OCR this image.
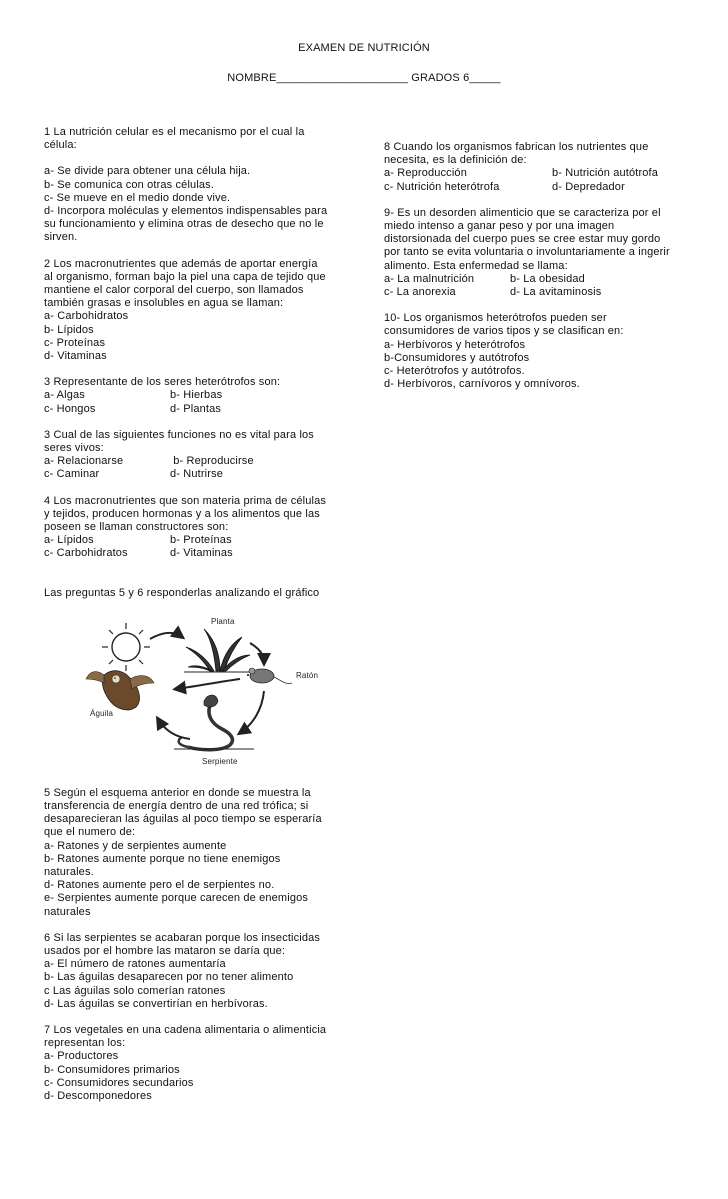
EXAMEN DE NUTRICIÓN
NOMBRE_____________________ GRADOS 6_____

1 La nutrición celular es el mecanismo por el cual la

célula:

a- Se divide para obtener una célula hija.

b- Se comunica con otras células.

c- Se mueve en el medio donde vive.

d- Incorpora moléculas y elementos indispensables para

su funcionamiento y elimina otras de desecho que no le

sirven.

2 Los macronutrientes que además de aportar energía

al organismo, forman bajo la piel una capa de tejido que

mantiene el calor corporal del cuerpo, son llamados

también grasas e insolubles en agua se llaman:

a- Carbohidratos

b- Lípidos

c- Proteínas

d- Vitaminas

3 Representante de los seres heterótrofos son:

a- Algas	b- Hierbas
c- Hongos	d- Plantas

3 Cual de las siguientes funciones no es vital para los

seres vivos:

a- Relacionarse	b- Reproducirse
c- Caminar	d- Nutrirse

4 Los macronutrientes que son materia prima de células

y tejidos, producen hormonas y a los alimentos que las

poseen se llaman constructores son:

a- Lípidos	b- Proteínas
c- Carbohidratos	d- Vitaminas

Las preguntas 5 y 6 responderlas analizando el gráfico

Planta
Ratón
Águila
Serpiente

5 Según el esquema anterior en donde se muestra la

transferencia de energía dentro de una red trófica; si

desaparecieran las águilas al poco tiempo se esperaría

que el numero de:

a- Ratones y de serpientes aumente

b- Ratones aumente porque no tiene enemigos

naturales.

d- Ratones aumente pero el de serpientes no.

e- Serpientes aumente porque carecen de enemigos

naturales

6 Si las serpientes se acabaran porque los insecticidas

usados por el hombre las mataron se daría que:

a- El número de ratones aumentaría

b- Las águilas desaparecen por no tener alimento

c Las águilas solo comerían ratones

d- Las águilas se convertirían en herbívoras.

7 Los vegetales en una cadena alimentaria o alimenticia

representan los:

a- Productores

b- Consumidores primarios

c- Consumidores secundarios

d- Descomponedores

8 Cuando los organismos fabrican los nutrientes que

necesita, es la definición de:

a- Reproducción	b- Nutrición autótrofa
c- Nutrición heterótrofa	d- Depredador

9- Es un desorden alimenticio que se caracteriza por el

miedo intenso a ganar peso y por una imagen

distorsionada del cuerpo pues se cree estar muy gordo

por tanto se evita voluntaria o involuntariamente a ingerir

alimento. Esta enfermedad se llama:

a- La malnutrición	b- La obesidad
c- La anorexia	d- La avitaminosis

10- Los organismos heterótrofos pueden ser

consumidores de varios tipos y se clasifican en:

a- Herbívoros y heterótrofos

b-Consumidores y autótrofos

c- Heterótrofos y autótrofos.

d- Herbívoros, carnívoros y omnívoros.
